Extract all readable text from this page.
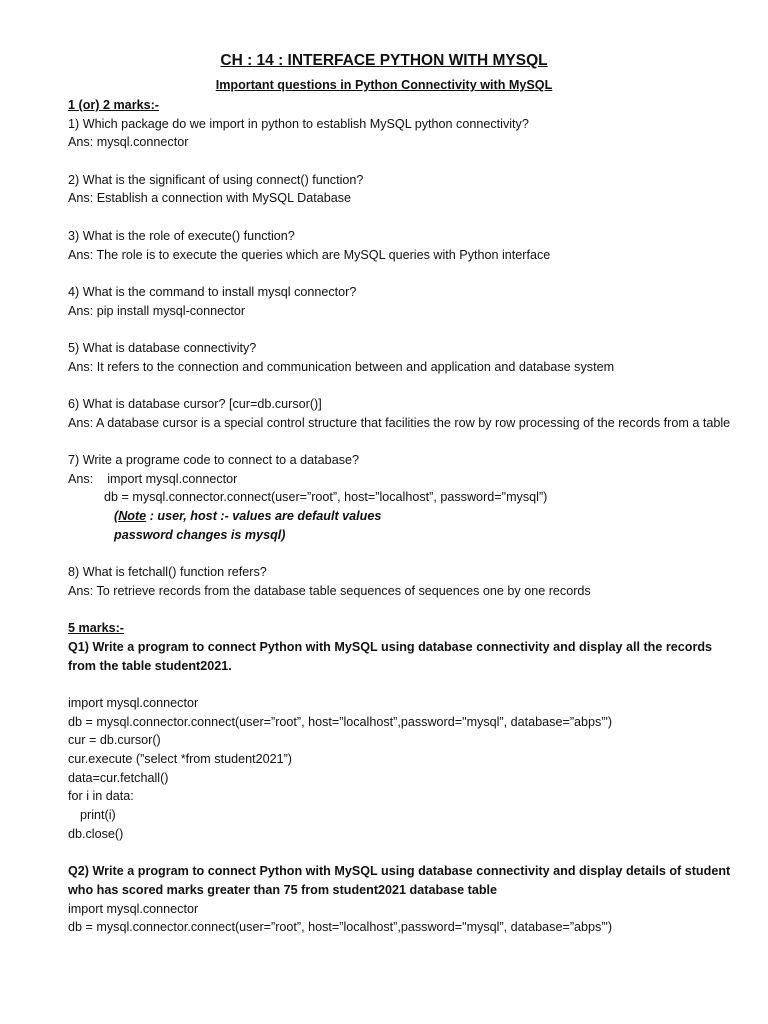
CH : 14 : INTERFACE PYTHON WITH MYSQL
Important questions in Python Connectivity with MySQL
1 (or) 2 marks:-
1) Which package do we import in python to establish MySQL python connectivity?
Ans: mysql.connector
2) What is the significant of using connect() function?
Ans: Establish a connection with MySQL Database
3) What is the role of execute() function?
Ans: The role is to execute the queries which are MySQL queries with Python interface
4) What is the command to install mysql connector?
Ans: pip install mysql-connector
5) What is database connectivity?
Ans: It refers to the connection and communication between and application and database system
6) What is database cursor? [cur=db.cursor()]
Ans: A database cursor is a special control structure that facilities the row by row processing of the records from a table
7) Write a programe code to connect to a database?
Ans:    import mysql.connector
db = mysql.connector.connect(user=”root”, host=”localhost”, password="mysql”)
(Note : user, host :- values are default values
password changes is mysql)
8) What is fetchall() function refers?
Ans: To retrieve records from the database table sequences of sequences one by one records
5 marks:-
Q1) Write a program to connect Python with MySQL using database connectivity and display all the records from the table student2021.
import mysql.connector
db = mysql.connector.connect(user=”root”, host=”localhost”,password="mysql”, database=”abps”')
cur = db.cursor()
cur.execute (”select *from student2021”)
data=cur.fetchall()
for i in data:
print(i)
db.close()
Q2) Write a program to connect Python with MySQL using database connectivity and display details of student who has scored marks greater than 75 from student2021 database table
import mysql.connector
db = mysql.connector.connect(user=”root”, host=”localhost”,password="mysql”, database=”abps”')
